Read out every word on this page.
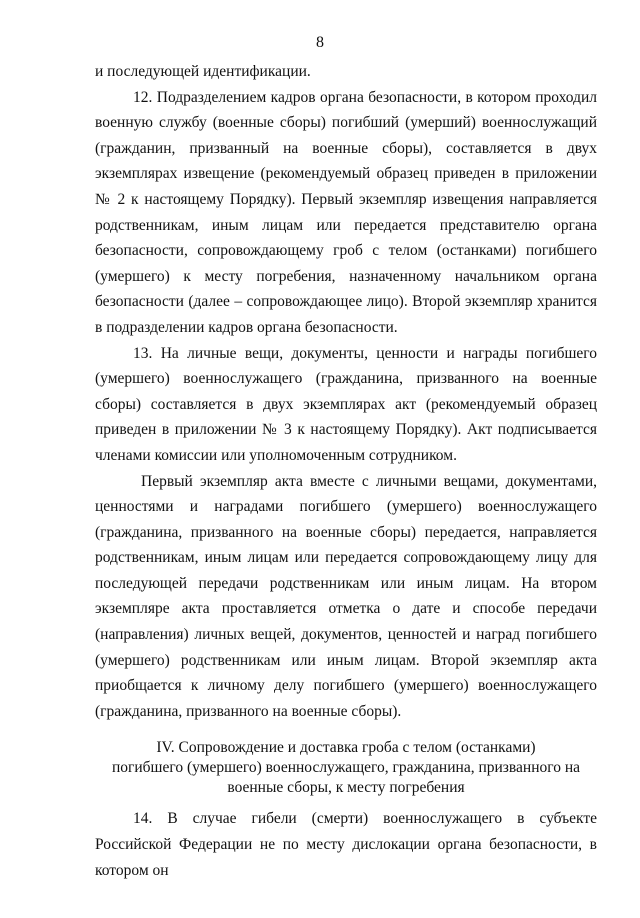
8

и последующей идентификации.

12. Подразделением кадров органа безопасности, в котором проходил военную службу (военные сборы) погибший (умерший) военнослужащий (гражданин, призванный на военные сборы), составляется в двух экземплярах извещение (рекомендуемый образец приведен в приложении № 2 к настоящему Порядку). Первый экземпляр извещения направляется родственникам, иным лицам или передается представителю органа безопасности, сопровождающему гроб с телом (останками) погибшего (умершего) к месту погребения, назначенному начальником органа безопасности (далее – сопровождающее лицо). Второй экземпляр хранится в подразделении кадров органа безопасности.

13. На личные вещи, документы, ценности и награды погибшего (умершего) военнослужащего (гражданина, призванного на военные сборы) составляется в двух экземплярах акт (рекомендуемый образец приведен в приложении № 3 к настоящему Порядку). Акт подписывается членами комиссии или уполномоченным сотрудником.

Первый экземпляр акта вместе с личными вещами, документами, ценностями и наградами погибшего (умершего) военнослужащего (гражданина, призванного на военные сборы) передается, направляется родственникам, иным лицам или передается сопровождающему лицу для последующей передачи родственникам или иным лицам. На втором экземпляре акта проставляется отметка о дате и способе передачи (направления) личных вещей, документов, ценностей и наград погибшего (умершего) родственникам или иным лицам. Второй экземпляр акта приобщается к личному делу погибшего (умершего) военнослужащего (гражданина, призванного на военные сборы).

IV. Сопровождение и доставка гроба с телом (останками)
погибшего (умершего) военнослужащего, гражданина, призванного на
военные сборы, к месту погребения

14. В случае гибели (смерти) военнослужащего в субъекте Российской Федерации не по месту дислокации органа безопасности, в котором он
